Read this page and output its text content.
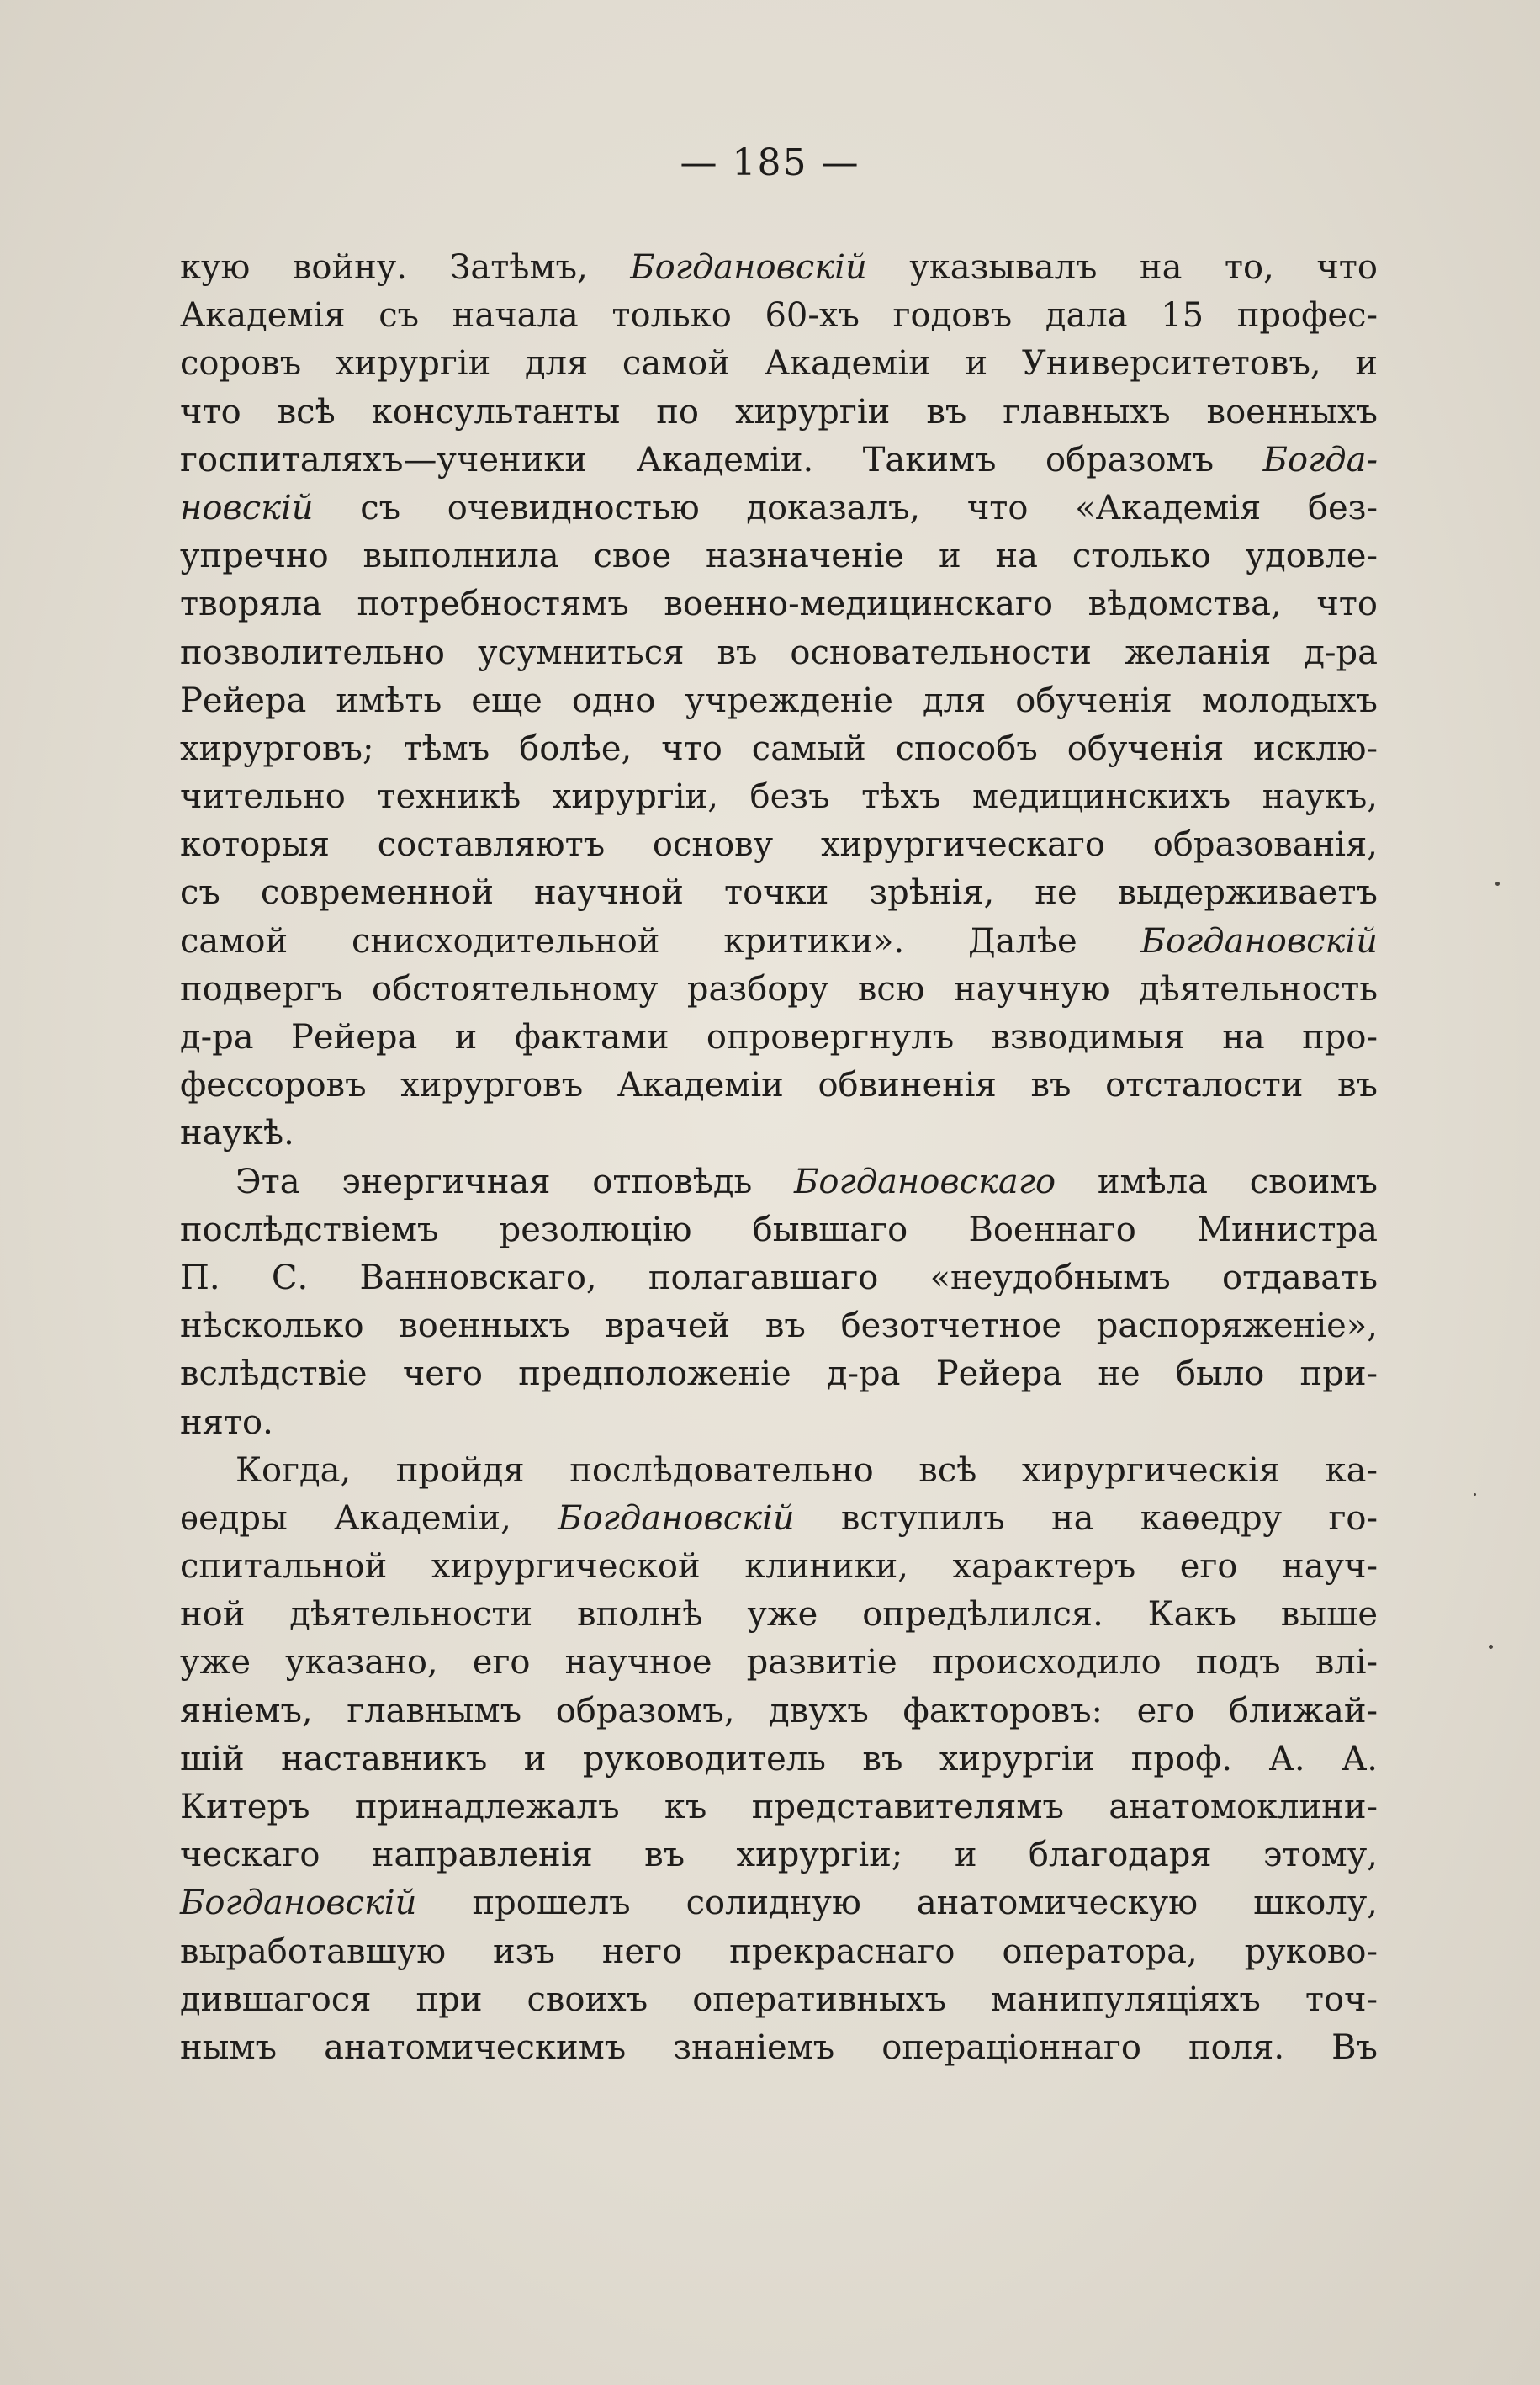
— 185 —
кую войну. Затѣмъ, Богдановскій указывалъ на то, что
Академія съ начала только 60-хъ годовъ дала 15 профес-
соровъ хирургіи для самой Академіи и Университетовъ, и
что всѣ консультанты по хирургіи въ главныхъ военныхъ
госпиталяхъ—ученики Академіи. Такимъ образомъ Богда-
новскій съ очевидностью доказалъ, что «Академія без-
упречно выполнила свое назначеніе и на столько удовле-
творяла потребностямъ военно-медицинскаго вѣдомства, что
позволительно усумниться въ основательности желанія д-ра
Рейера имѣть еще одно учрежденіе для обученія молодыхъ
хирурговъ; тѣмъ болѣе, что самый способъ обученія исклю-
чительно техникѣ хирургіи, безъ тѣхъ медицинскихъ наукъ,
которыя составляютъ основу хирургическаго образованія,
съ современной научной точки зрѣнія, не выдерживаетъ
самой снисходительной критики». Далѣе Богдановскій
подвергъ обстоятельному разбору всю научную дѣятельность
д-ра Рейера и фактами опровергнулъ взводимыя на про-
фессоровъ хирурговъ Академіи обвиненія въ отсталости въ
наукѣ.
Эта энергичная отповѣдь Богдановскаго имѣла своимъ
послѣдствіемъ резолюцію бывшаго Военнаго Министра
П. С. Ванновскаго, полагавшаго «неудобнымъ отдавать
нѣсколько военныхъ врачей въ безотчетное распоряженіе»,
вслѣдствіе чего предположеніе д-ра Рейера не было при-
нято.
Когда, пройдя послѣдовательно всѣ хирургическія ка-
ѳедры Академіи, Богдановскій вступилъ на каѳедру го-
спитальной хирургической клиники, характеръ его науч-
ной дѣятельности вполнѣ уже опредѣлился. Какъ выше
уже указано, его научное развитіе происходило подъ влі-
яніемъ, главнымъ образомъ, двухъ факторовъ: его ближай-
шій наставникъ и руководитель въ хирургіи проф. А. А.
Китеръ принадлежалъ къ представителямъ анатомоклини-
ческаго направленія въ хирургіи; и благодаря этому,
Богдановскій прошелъ солидную анатомическую школу,
выработавшую изъ него прекраснаго оператора, руково-
дившагося при своихъ оперативныхъ манипуляціяхъ точ-
нымъ анатомическимъ знаніемъ операціоннаго поля. Въ
